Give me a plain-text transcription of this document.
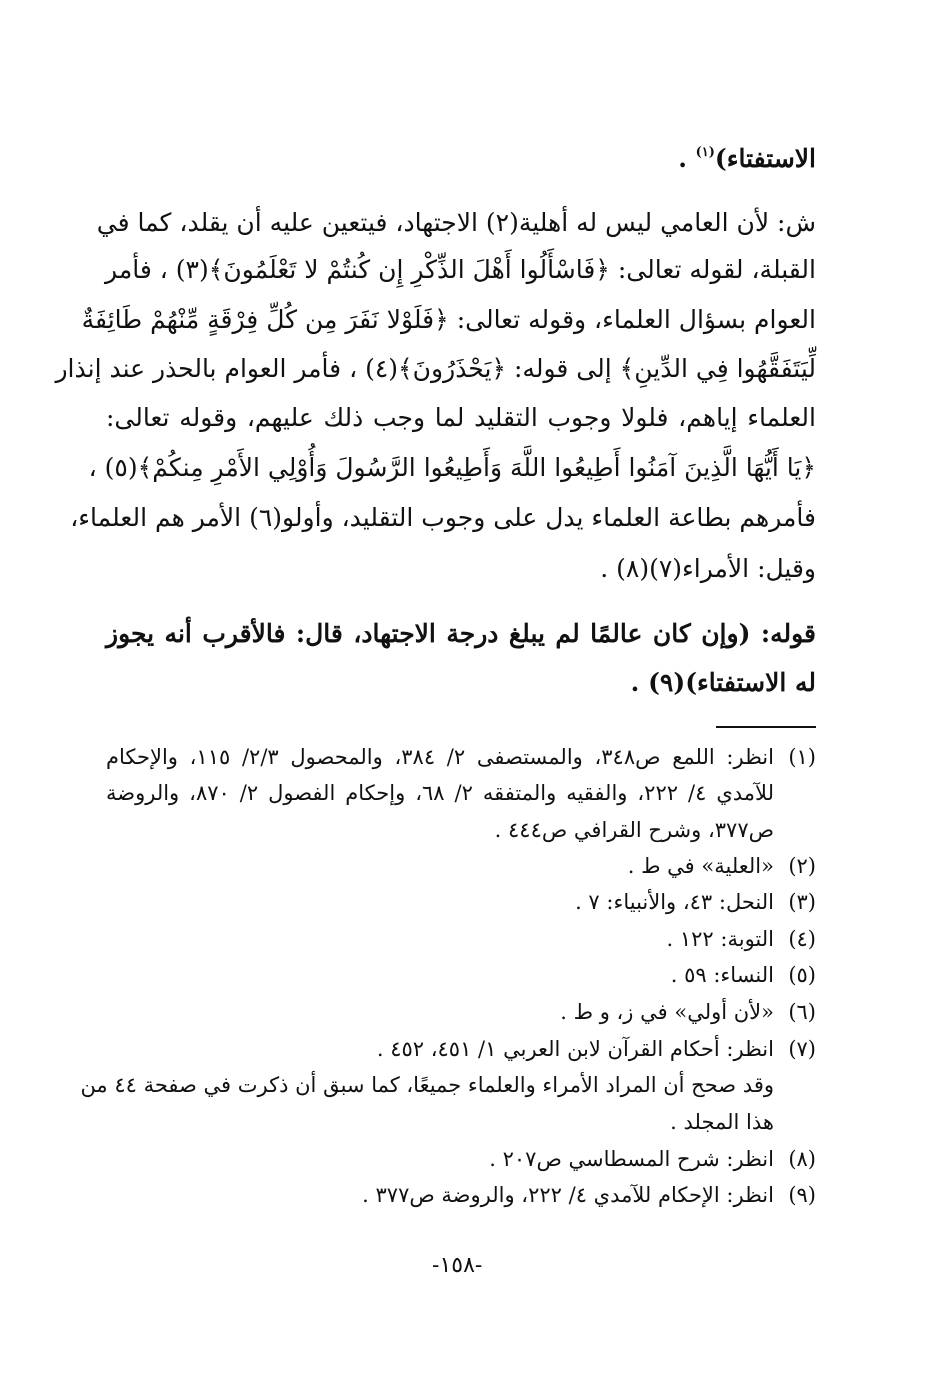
الاستفتاء)$^{(١)}$ .
ش: لأن العامي ليس له أهلية(٢) الاجتهاد، فيتعين عليه أن يقلد، كما في
القبلة، لقوله تعالى: ﴿فَاسْأَلُوا أَهْلَ الذِّكْرِ إِن كُنتُمْ لا تَعْلَمُونَ﴾(٣) ، فأمر
العوام بسؤال العلماء، وقوله تعالى: ﴿فَلَوْلا نَفَرَ مِن كُلِّ فِرْقَةٍ مِّنْهُمْ طَائِفَةٌ
لِّيَتَفَقَّهُوا فِي الدِّينِ﴾ إلى قوله: ﴿يَحْذَرُونَ﴾(٤) ، فأمر العوام بالحذر عند إنذار
العلماء إياهم، فلولا وجوب التقليد لما وجب ذلك عليهم، وقوله تعالى:
﴿يَا أَيُّهَا الَّذِينَ آمَنُوا أَطِيعُوا اللَّهَ وَأَطِيعُوا الرَّسُولَ وَأُوْلِي الأَمْرِ مِنكُمْ﴾(٥) ،
فأمرهم بطاعة العلماء يدل على وجوب التقليد، وأولو(٦) الأمر هم العلماء،
وقيل: الأمراء(٧)(٨) .
قوله: (وإن كان عالمًا لم يبلغ درجة الاجتهاد، قال: فالأقرب أنه يجوز
له الاستفتاء)(٩) .
(١)
انظر: اللمع ص٣٤٨، والمستصفى ٢/ ٣٨٤، والمحصول ٢/٣/ ١١٥، والإحكام
للآمدي ٤/ ٢٢٢، والفقيه والمتفقه ٢/ ٦٨، وإحكام الفصول ٢/ ٨٧٠، والروضة
ص٣٧٧، وشرح القرافي ص٤٤٤ .
(٢)
«العلية» في ط .
(٣)
النحل: ٤٣، والأنبياء: ٧ .
(٤)
التوبة: ١٢٢ .
(٥)
النساء: ٥٩ .
(٦)
«لأن أولي» في ز، و ط .
(٧)
انظر: أحكام القرآن لابن العربي ١/ ٤٥١، ٤٥٢ .
وقد صحح أن المراد الأمراء والعلماء جميعًا، كما سبق أن ذكرت في صفحة ٤٤ من
هذا المجلد .
(٨)
انظر: شرح المسطاسي ص٢٠٧ .
(٩)
انظر: الإحكام للآمدي ٤/ ٢٢٢، والروضة ص٣٧٧ .
-١٥٨-
